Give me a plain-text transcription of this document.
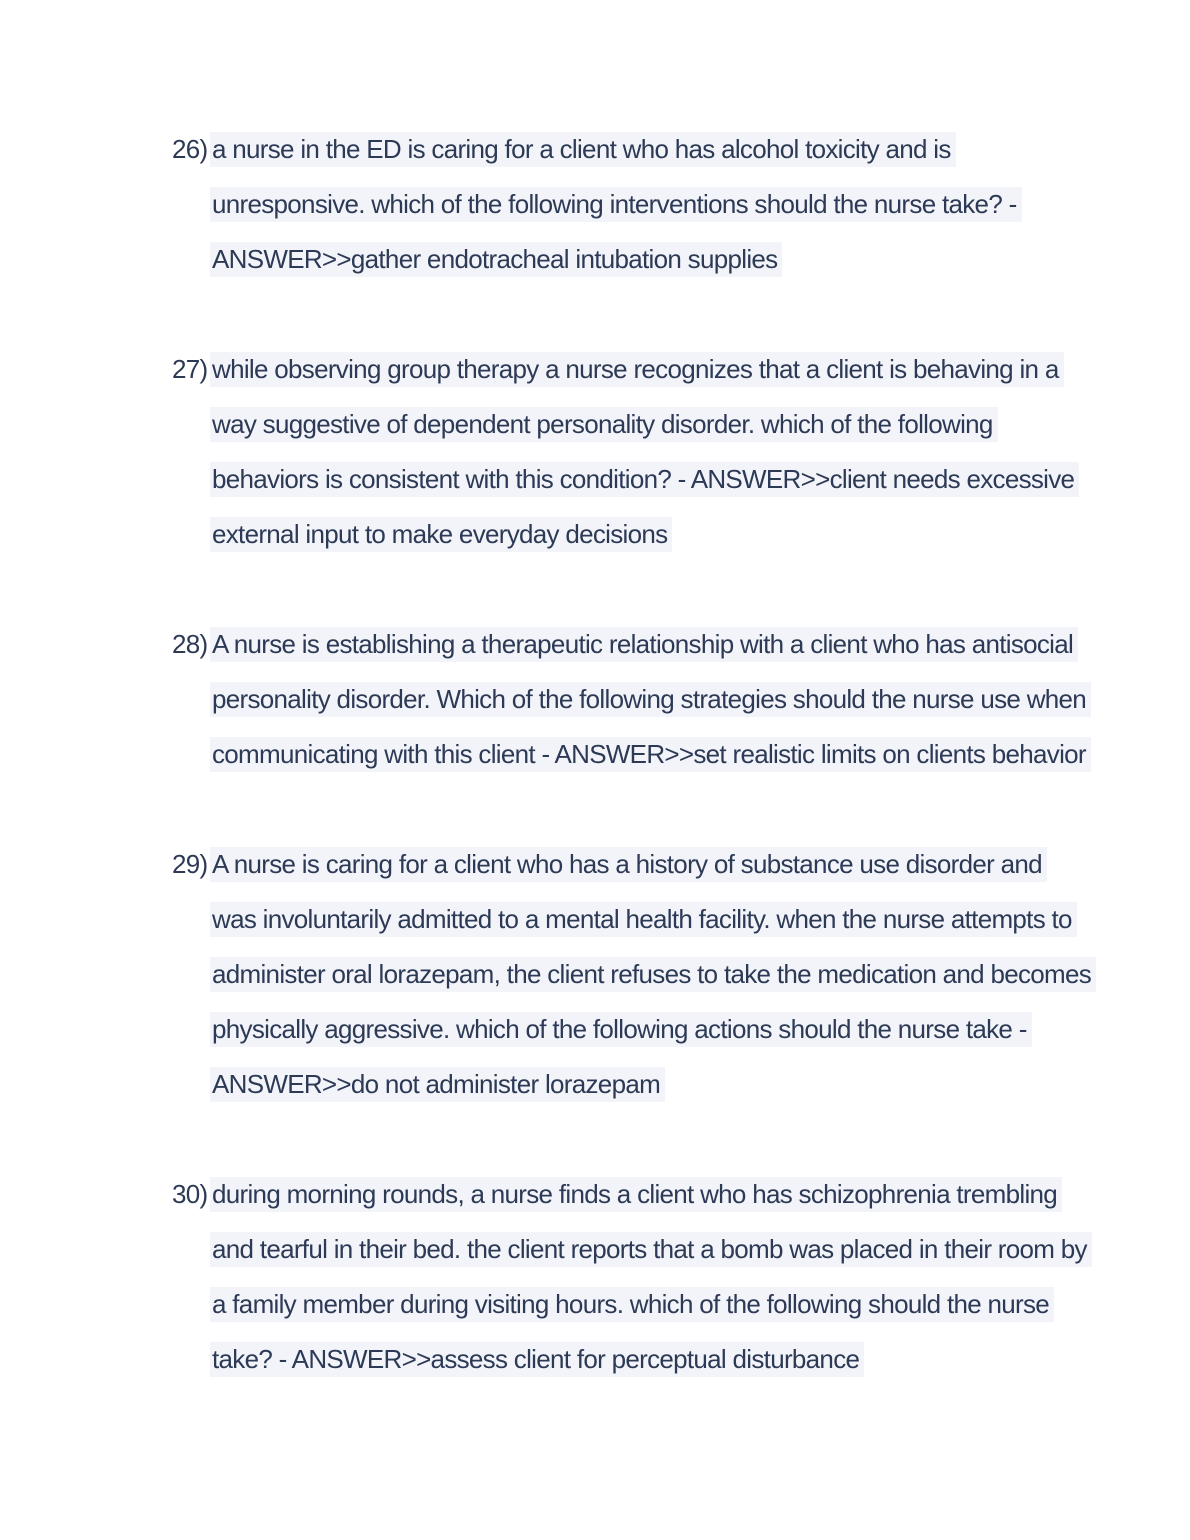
26) a nurse in the ED is caring for a client who has alcohol toxicity and is
unresponsive. which of the following interventions should the nurse take? -
ANSWER>>gather endotracheal intubation supplies
27) while observing group therapy a nurse recognizes that a client is behaving in a
way suggestive of dependent personality disorder. which of the following
behaviors is consistent with this condition? - ANSWER>>client needs excessive
external input to make everyday decisions
28) A nurse is establishing a therapeutic relationship with a client who has antisocial
personality disorder. Which of the following strategies should the nurse use when
communicating with this client - ANSWER>>set realistic limits on clients behavior
29) A nurse is caring for a client who has a history of substance use disorder and
was involuntarily admitted to a mental health facility. when the nurse attempts to
administer oral lorazepam, the client refuses to take the medication and becomes
physically aggressive. which of the following actions should the nurse take -
ANSWER>>do not administer lorazepam
30) during morning rounds, a nurse finds a client who has schizophrenia trembling
and tearful in their bed. the client reports that a bomb was placed in their room by
a family member during visiting hours. which of the following should the nurse
take? - ANSWER>>assess client for perceptual disturbance
